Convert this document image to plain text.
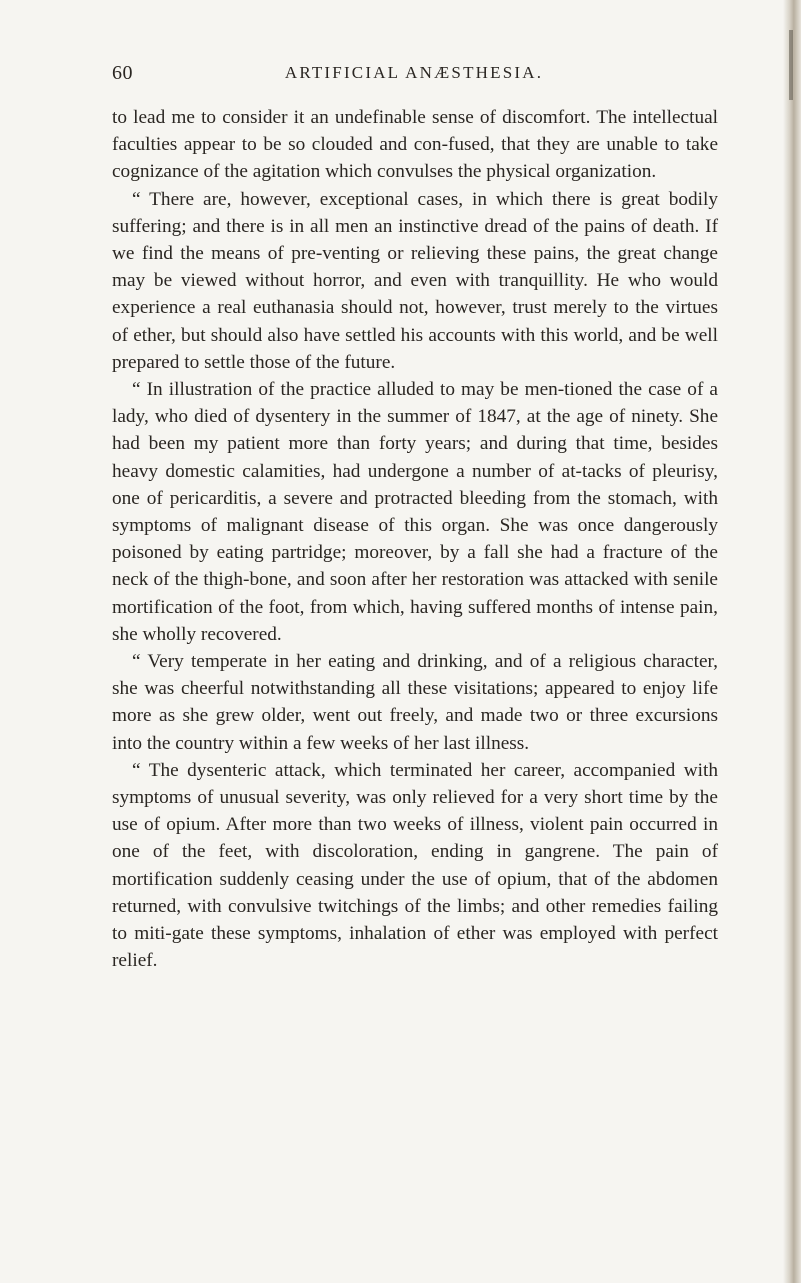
60	ARTIFICIAL ANÆSTHESIA.

to lead me to consider it an undefinable sense of discomfort. The intellectual faculties appear to be so clouded and con-fused, that they are unable to take cognizance of the agitation which convulses the physical organization.

“ There are, however, exceptional cases, in which there is great bodily suffering; and there is in all men an instinctive dread of the pains of death. If we find the means of pre-venting or relieving these pains, the great change may be viewed without horror, and even with tranquillity. He who would experience a real euthanasia should not, however, trust merely to the virtues of ether, but should also have settled his accounts with this world, and be well prepared to settle those of the future.

“ In illustration of the practice alluded to may be men-tioned the case of a lady, who died of dysentery in the summer of 1847, at the age of ninety. She had been my patient more than forty years; and during that time, besides heavy domestic calamities, had undergone a number of at-tacks of pleurisy, one of pericarditis, a severe and protracted bleeding from the stomach, with symptoms of malignant disease of this organ. She was once dangerously poisoned by eating partridge; moreover, by a fall she had a fracture of the neck of the thigh-bone, and soon after her restoration was attacked with senile mortification of the foot, from which, having suffered months of intense pain, she wholly recovered.

“ Very temperate in her eating and drinking, and of a religious character, she was cheerful notwithstanding all these visitations; appeared to enjoy life more as she grew older, went out freely, and made two or three excursions into the country within a few weeks of her last illness.

“ The dysenteric attack, which terminated her career, accompanied with symptoms of unusual severity, was only relieved for a very short time by the use of opium. After more than two weeks of illness, violent pain occurred in one of the feet, with discoloration, ending in gangrene. The pain of mortification suddenly ceasing under the use of opium, that of the abdomen returned, with convulsive twitchings of the limbs; and other remedies failing to miti-gate these symptoms, inhalation of ether was employed with perfect relief.
